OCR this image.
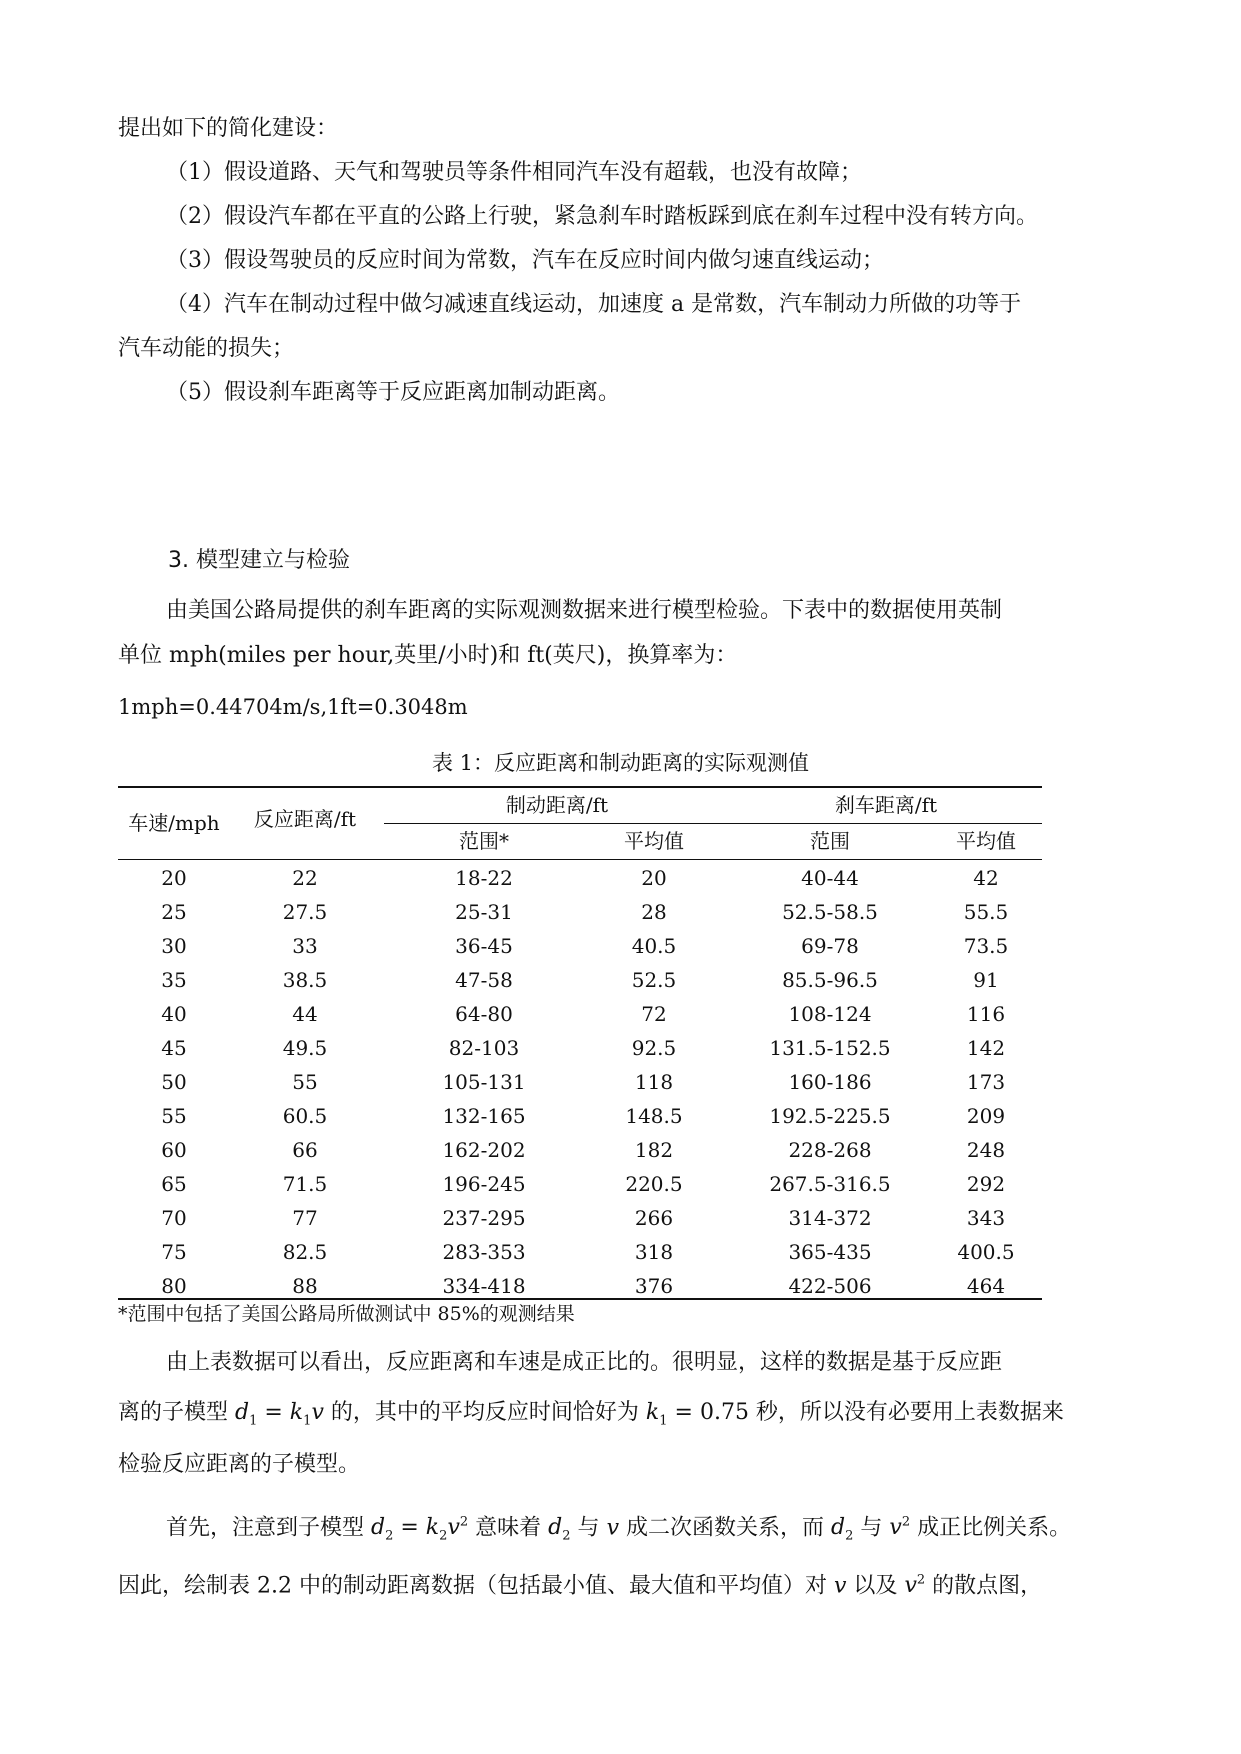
提出如下的简化建设：
（1）假设道路、天气和驾驶员等条件相同汽车没有超载，也没有故障；
（2）假设汽车都在平直的公路上行驶，紧急刹车时踏板踩到底在刹车过程中没有转方向。
（3）假设驾驶员的反应时间为常数，汽车在反应时间内做匀速直线运动；
（4）汽车在制动过程中做匀减速直线运动，加速度 a 是常数，汽车制动力所做的功等于
汽车动能的损失；
（5）假设刹车距离等于反应距离加制动距离。
3. 模型建立与检验
由美国公路局提供的刹车距离的实际观测数据来进行模型检验。下表中的数据使用英制
单位 mph(miles per hour,英里/小时)和 ft(英尺)，换算率为：
1mph=0.44704m/s,1ft=0.3048m
表 1：反应距离和制动距离的实际观测值
车速/mph	反应距离/ft
制动距离/ft	刹车距离/ft
范围*	平均值	范围	平均值
20	22	18-22	20	40-44	42
25	27.5	25-31	28	52.5-58.5	55.5
30	33	36-45	40.5	69-78	73.5
35	38.5	47-58	52.5	85.5-96.5	91
40	44	64-80	72	108-124	116
45	49.5	82-103	92.5	131.5-152.5	142
50	55	105-131	118	160-186	173
55	60.5	132-165	148.5	192.5-225.5	209
60	66	162-202	182	228-268	248
65	71.5	196-245	220.5	267.5-316.5	292
70	77	237-295	266	314-372	343
75	82.5	283-353	318	365-435	400.5
80	88	334-418	376	422-506	464
*范围中包括了美国公路局所做测试中 85%的观测结果
由上表数据可以看出，反应距离和车速是成正比的。很明显，这样的数据是基于反应距
离的子模型 $d_1 = k_1v$ 的，其中的平均反应时间恰好为 $k_1 = 0.75$ 秒，所以没有必要用上表数据来
检验反应距离的子模型。
首先，注意到子模型 $d_2 = k_2v^2$ 意味着 $d_2$ 与 v 成二次函数关系，而 $d_2$ 与 $v^2$ 成正比例关系。
因此，绘制表 2.2 中的制动距离数据（包括最小值、最大值和平均值）对 v 以及 $v^2$ 的散点图，
